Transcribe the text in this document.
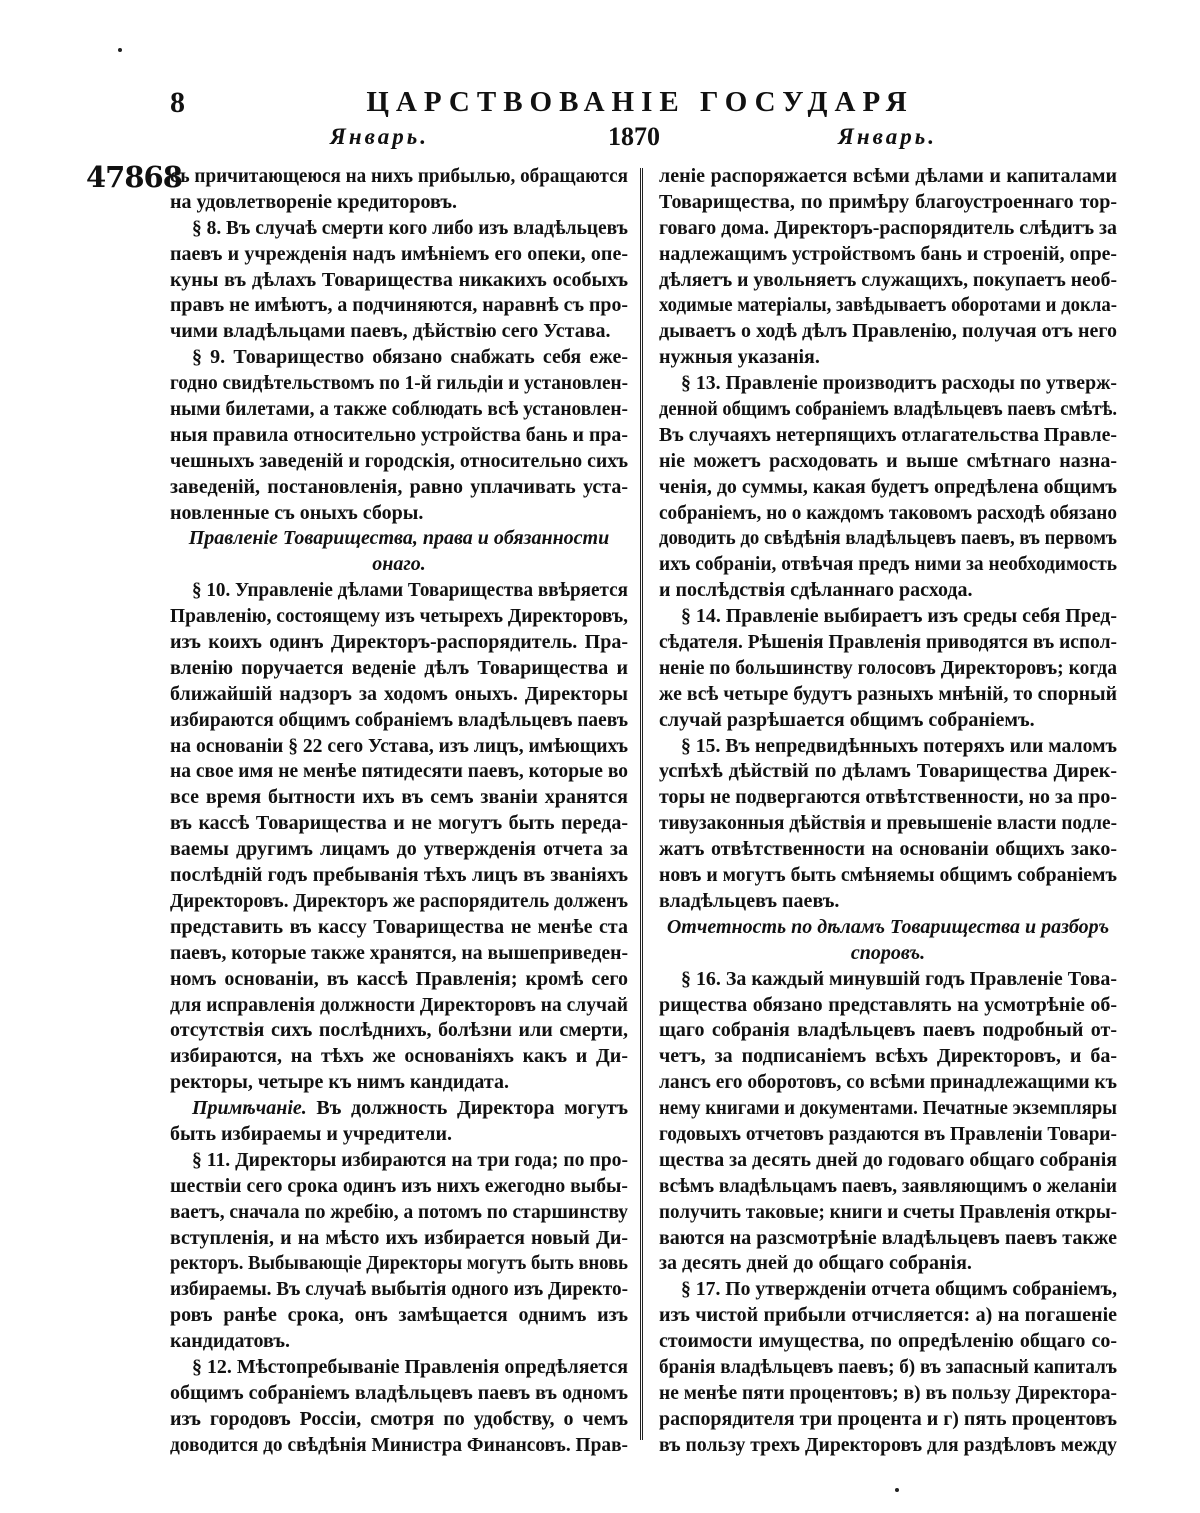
8	ЦАРСТВОВАНІЕ ГОСУДАРЯ
Январь.	1870	Январь.
47868
съ причитающеюся на нихъ прибылью, обращаются
на удовлетвореніе кредиторовъ.
§ 8. Въ случаѣ смерти кого либо изъ владѣльцевъ
паевъ и учрежденія надъ имѣніемъ его опеки, опе-
куны въ дѣлахъ Товарищества никакихъ особыхъ
правъ не имѣютъ, а подчиняются, наравнѣ съ про-
чими владѣльцами паевъ, дѣйствію сего Устава.
§ 9. Товарищество обязано снабжать себя еже-
годно свидѣтельствомъ по 1-й гильдіи и установлен-
ными билетами, а также соблюдать всѣ установлен-
ныя правила относительно устройства бань и пра-
чешныхъ заведеній и городскія, относительно сихъ
заведеній, постановленія, равно уплачивать уста-
новленные съ оныхъ сборы.
Правленіе Товарищества, права и обязанности
онаго.
§ 10. Управленіе дѣлами Товарищества ввѣряется
Правленію, состоящему изъ четырехъ Директоровъ,
изъ коихъ одинъ Директоръ-распорядитель. Пра-
вленію поручается веденіе дѣлъ Товарищества и
ближайшій надзоръ за ходомъ оныхъ. Директоры
избираются общимъ собраніемъ владѣльцевъ паевъ
на основаніи § 22 сего Устава, изъ лицъ, имѣющихъ
на свое имя не менѣе пятидесяти паевъ, которые во
все время бытности ихъ въ семъ званіи хранятся
въ кассѣ Товарищества и не могутъ быть переда-
ваемы другимъ лицамъ до утвержденія отчета за
послѣдній годъ пребыванія тѣхъ лицъ въ званіяхъ
Директоровъ. Директоръ же распорядитель долженъ
представить въ кассу Товарищества не менѣе ста
паевъ, которые также хранятся, на вышеприведен-
номъ основаніи, въ кассѣ Правленія; кромѣ сего
для исправленія должности Директоровъ на случай
отсутствія сихъ послѣднихъ, болѣзни или смерти,
избираются, на тѣхъ же основаніяхъ какъ и Ди-
ректоры, четыре къ нимъ кандидата.
Примѣчаніе. Въ должность Директора могутъ
быть избираемы и учредители.
§ 11. Директоры избираются на три года; по про-
шествіи сего срока одинъ изъ нихъ ежегодно выбы-
ваетъ, сначала по жребію, а потомъ по старшинству
вступленія, и на мѣсто ихъ избирается новый Ди-
ректоръ. Выбывающіе Директоры могутъ быть вновь
избираемы. Въ случаѣ выбытія одного изъ Директо-
ровъ ранѣе срока, онъ замѣщается однимъ изъ
кандидатовъ.
§ 12. Мѣстопребываніе Правленія опредѣляется
общимъ собраніемъ владѣльцевъ паевъ въ одномъ
изъ городовъ Россіи, смотря по удобству, о чемъ
доводится до свѣдѣнія Министра Финансовъ. Прав-
леніе распоряжается всѣми дѣлами и капиталами
Товарищества, по примѣру благоустроеннаго тор-
говаго дома. Директоръ-распорядитель слѣдитъ за
надлежащимъ устройствомъ бань и строеній, опре-
дѣляетъ и увольняетъ служащихъ, покупаетъ необ-
ходимые матеріалы, завѣдываетъ оборотами и докла-
дываетъ о ходѣ дѣлъ Правленію, получая отъ него
нужныя указанія.
§ 13. Правленіе производитъ расходы по утверж-
денной общимъ собраніемъ владѣльцевъ паевъ смѣтѣ.
Въ случаяхъ нетерпящихъ отлагательства Правле-
ніе можетъ расходовать и выше смѣтнаго назна-
ченія, до суммы, какая будетъ опредѣлена общимъ
собраніемъ, но о каждомъ таковомъ расходѣ обязано
доводить до свѣдѣнія владѣльцевъ паевъ, въ первомъ
ихъ собраніи, отвѣчая предъ ними за необходимость
и послѣдствія сдѣланнаго расхода.
§ 14. Правленіе выбираетъ изъ среды себя Пред-
сѣдателя. Рѣшенія Правленія приводятся въ испол-
неніе по большинству голосовъ Директоровъ; когда
же всѣ четыре будутъ разныхъ мнѣній, то спорный
случай разрѣшается общимъ собраніемъ.
§ 15. Въ непредвидѣнныхъ потеряхъ или маломъ
успѣхѣ дѣйствій по дѣламъ Товарищества Дирек-
торы не подвергаются отвѣтственности, но за про-
тивузаконныя дѣйствія и превышеніе власти подле-
жатъ отвѣтственности на основаніи общихъ зако-
новъ и могутъ быть смѣняемы общимъ собраніемъ
владѣльцевъ паевъ.
Отчетность по дѣламъ Товарищества и разборъ
споровъ.
§ 16. За каждый минувшій годъ Правленіе Това-
рищества обязано представлять на усмотрѣніе об-
щаго собранія владѣльцевъ паевъ подробный от-
четъ, за подписаніемъ всѣхъ Директоровъ, и ба-
лансъ его оборотовъ, со всѣми принадлежащими къ
нему книгами и документами. Печатные экземпляры
годовыхъ отчетовъ раздаются въ Правленіи Товари-
щества за десять дней до годоваго общаго собранія
всѣмъ владѣльцамъ паевъ, заявляющимъ о желаніи
получить таковые; книги и счеты Правленія откры-
ваются на разсмотрѣніе владѣльцевъ паевъ также
за десять дней до общаго собранія.
§ 17. По утвержденіи отчета общимъ собраніемъ,
изъ чистой прибыли отчисляется: а) на погашеніе
стоимости имущества, по опредѣленію общаго со-
бранія владѣльцевъ паевъ; б) въ запасный капиталъ
не менѣе пяти процентовъ; в) въ пользу Директора-
распорядителя три процента и г) пять процентовъ
въ пользу трехъ Директоровъ для раздѣловъ между
